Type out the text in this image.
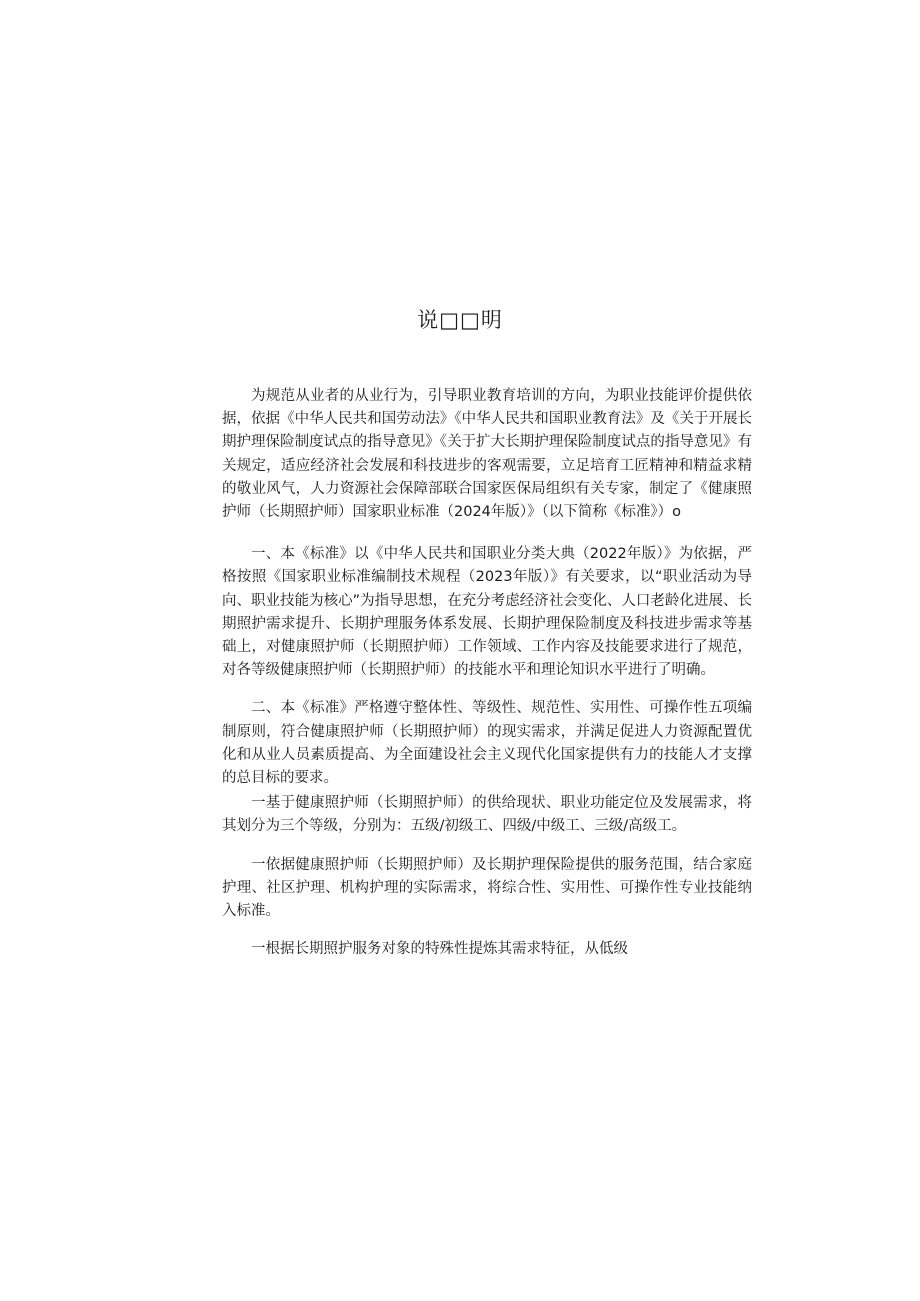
说□□明

为规范从业者的从业行为，引导职业教育培训的方向，为职业技能评价提供依据，依据《中华人民共和国劳动法》《中华人民共和国职业教育法》及《关于开展长期护理保险制度试点的指导意见》《关于扩大长期护理保险制度试点的指导意见》有关规定，适应经济社会发展和科技进步的客观需要，立足培育工匠精神和精益求精的敬业风气，人力资源社会保障部联合国家医保局组织有关专家，制定了《健康照护师（长期照护师）国家职业标准（2024年版）》（以下简称《标准》）o

一、本《标准》以《中华人民共和国职业分类大典（2022年版）》为依据，严格按照《国家职业标准编制技术规程（2023年版）》有关要求，以“职业活动为导向、职业技能为核心”为指导思想，在充分考虑经济社会变化、人口老龄化进展、长期照护需求提升、长期护理服务体系发展、长期护理保险制度及科技进步需求等基础上，对健康照护师（长期照护师）工作领域、工作内容及技能要求进行了规范，对各等级健康照护师（长期照护师）的技能水平和理论知识水平进行了明确。

二、本《标准》严格遵守整体性、等级性、规范性、实用性、可操作性五项编制原则，符合健康照护师（长期照护师）的现实需求，并满足促进人力资源配置优化和从业人员素质提高、为全面建设社会主义现代化国家提供有力的技能人才支撑的总目标的要求。

一基于健康照护师（长期照护师）的供给现状、职业功能定位及发展需求，将其划分为三个等级，分别为：五级/初级工、四级/中级工、三级/高级工。

一依据健康照护师（长期照护师）及长期护理保险提供的服务范围，结合家庭护理、社区护理、机构护理的实际需求，将综合性、实用性、可操作性专业技能纳入标准。

一根据长期照护服务对象的特殊性提炼其需求特征，从低级
